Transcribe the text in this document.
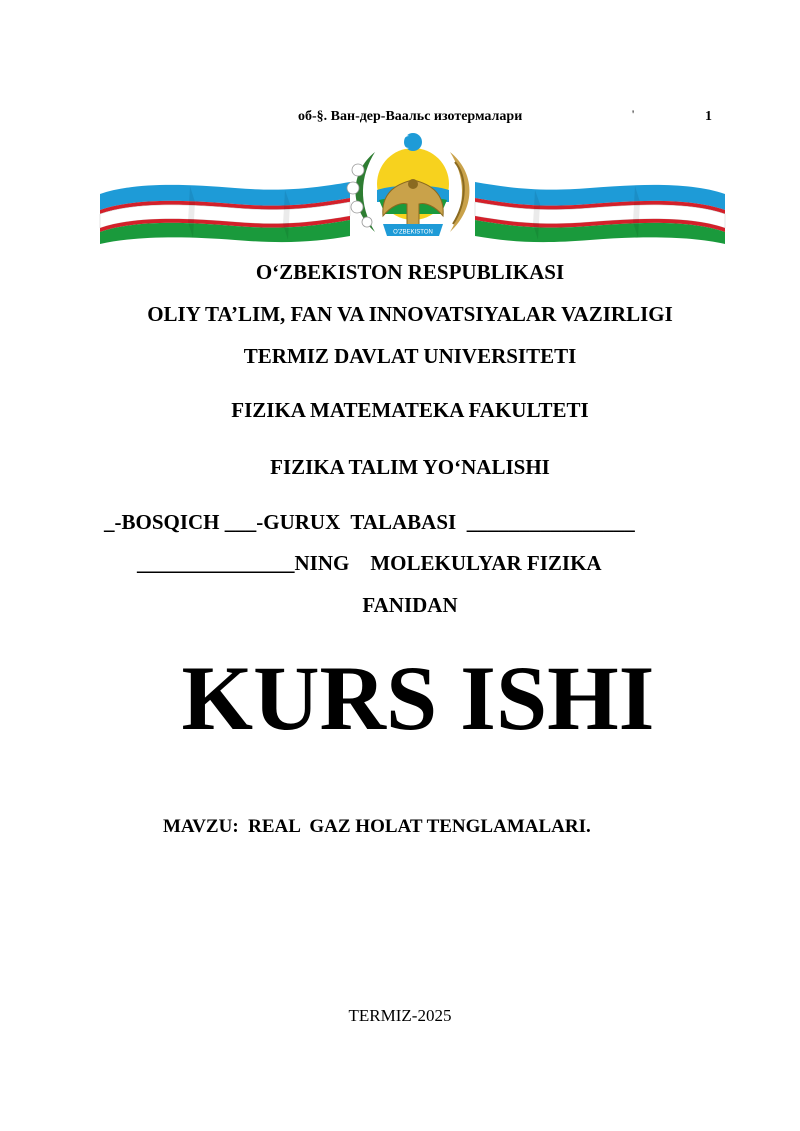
об-§. Ван-дер-Ваальс изотермалари	'	1
O'ZBEKISTON
O‘ZBEKISTON RESPUBLIKASI
OLIY TA’LIM, FAN VA INNOVATSIYALAR VAZIRLIGI
TERMIZ DAVLAT UNIVERSITETI
FIZIKA MATEMATEKA FAKULTETI
FIZIKA TALIM YO‘NALISHI
_-BOSQICH ___-GURUX  TALABASI  ________________
_______________NING    MOLEKULYAR FIZIKA
FANIDAN
KURS ISHI
MAVZU:  REAL  GAZ HOLAT TENGLAMALARI.
TERMIZ-2025
